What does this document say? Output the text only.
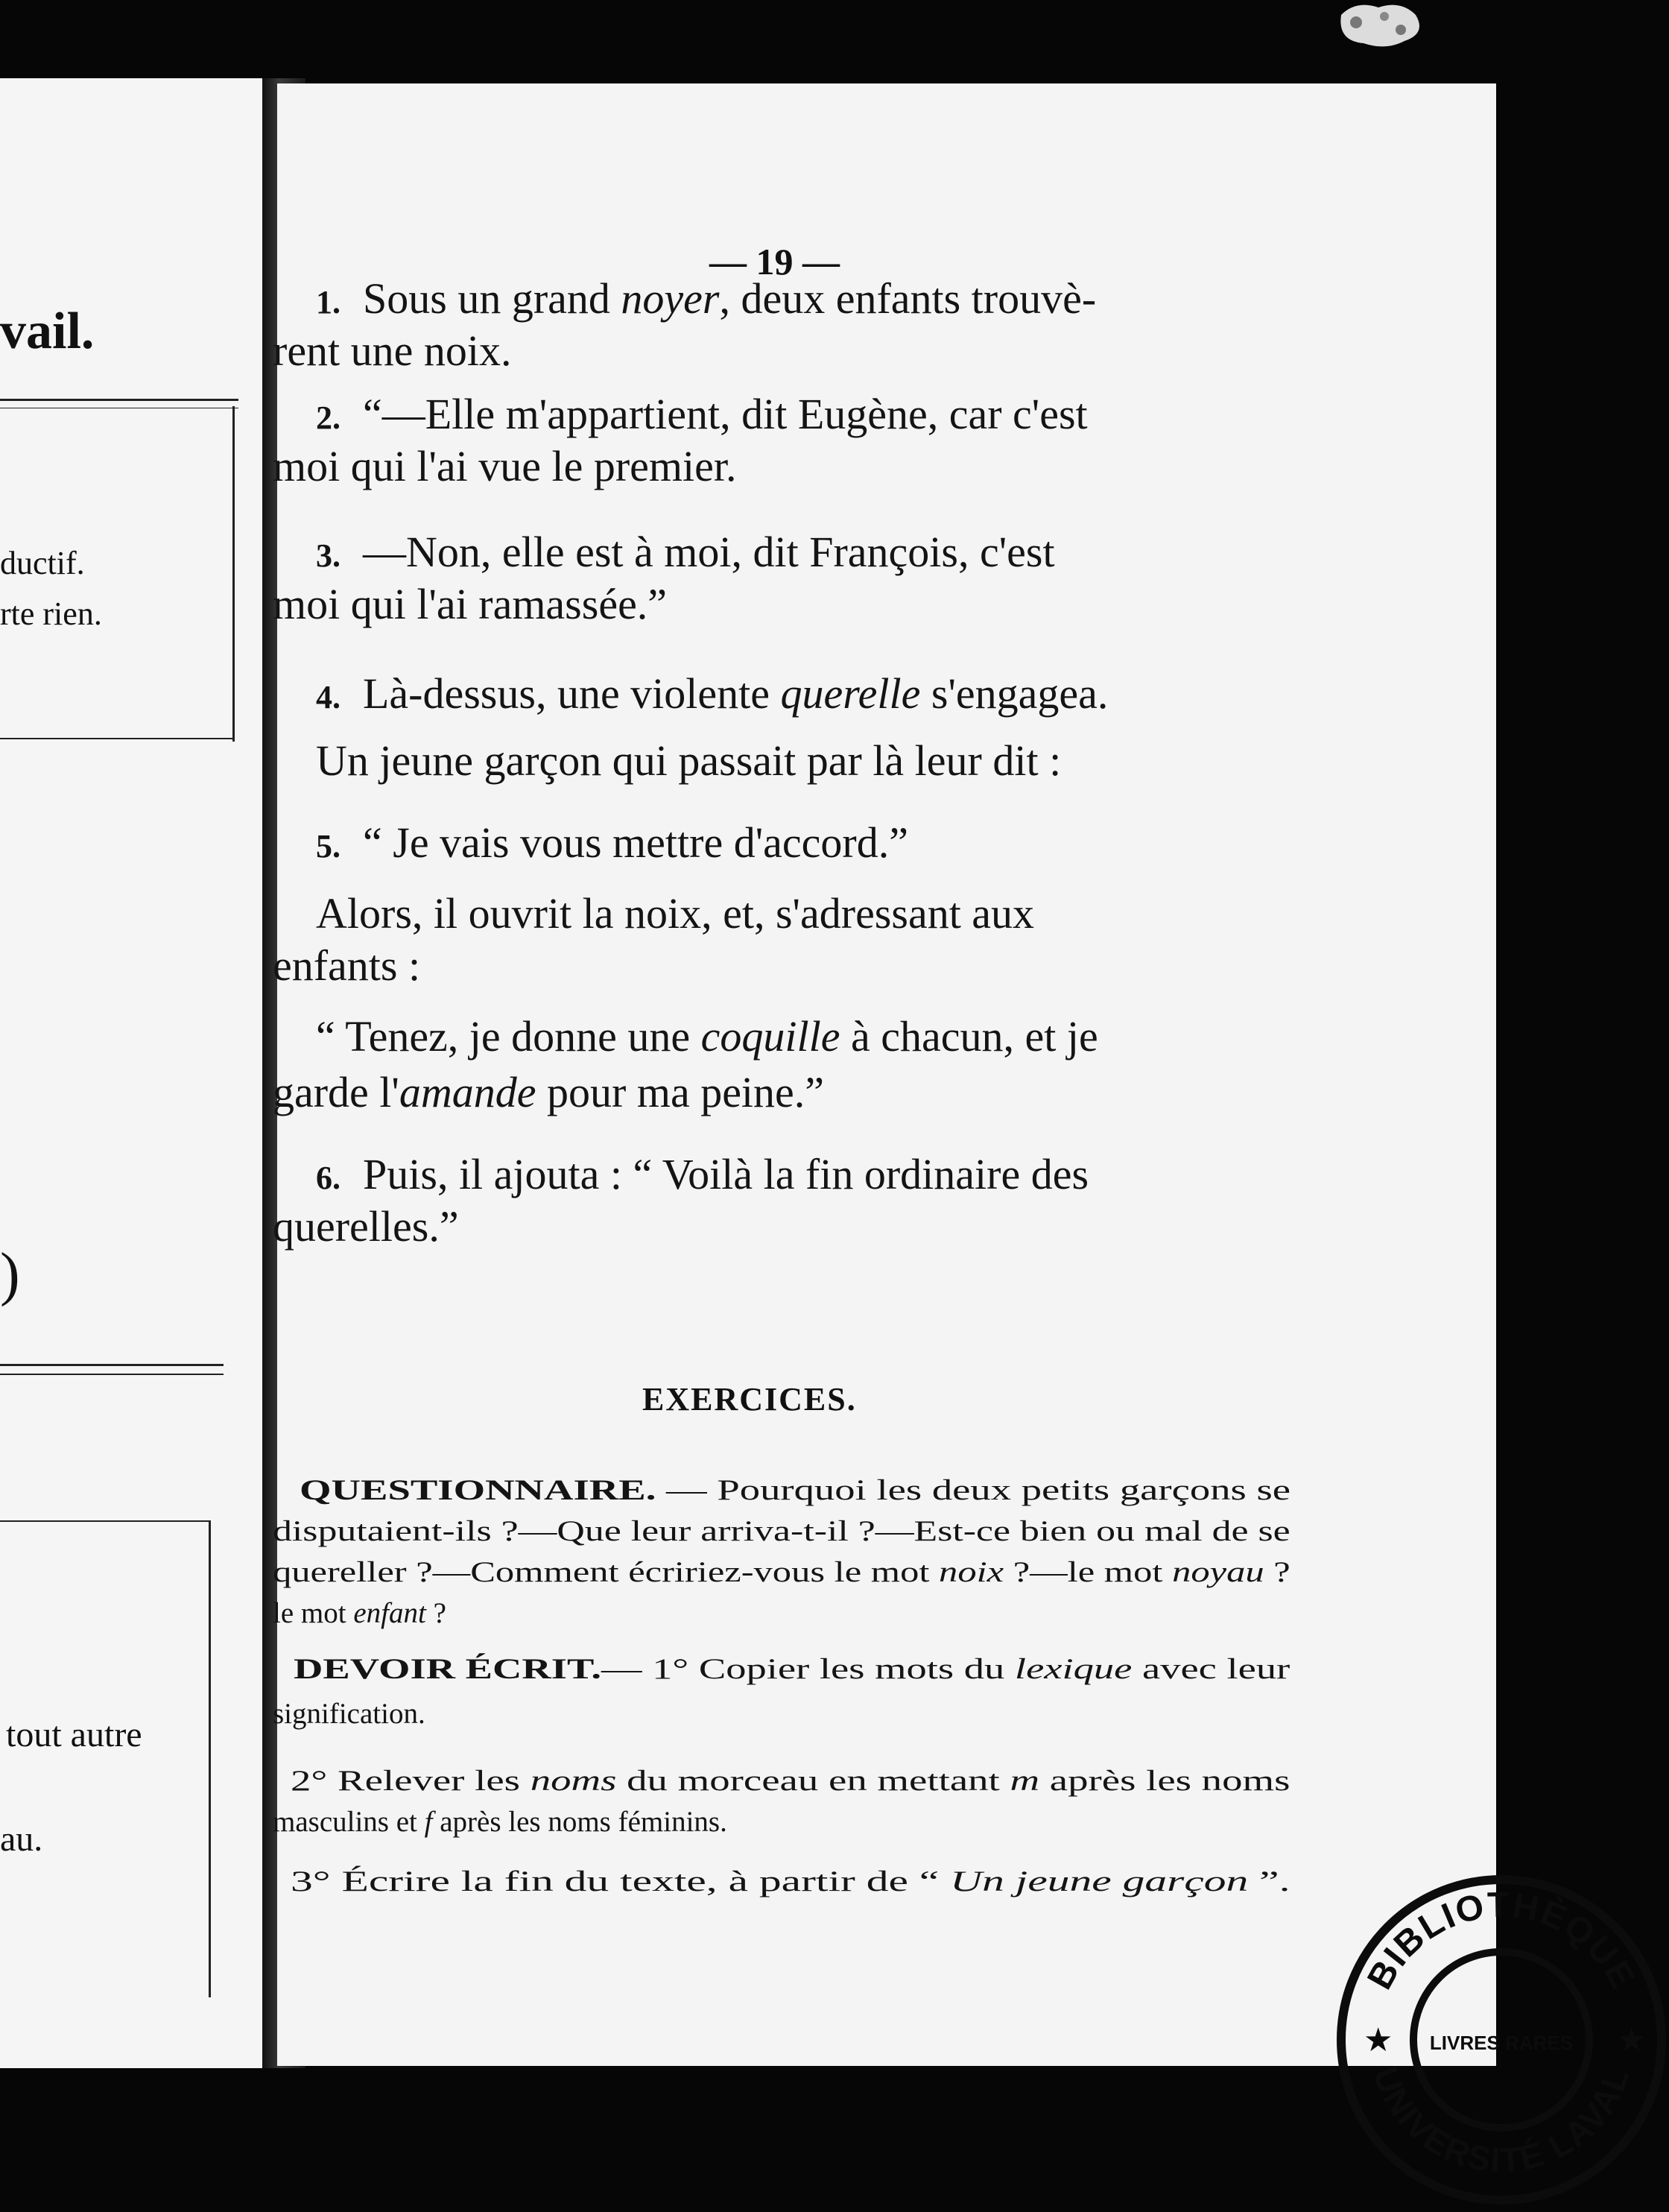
vail.
ductif.
rte rien.
)
tout autre
au.
— 19 —
1. Sous un grand noyer, deux enfants trouvè-
rent une noix.
2. “—Elle m'appartient, dit Eugène, car c'est
moi qui l'ai vue le premier.
3. —Non, elle est à moi, dit François, c'est
moi qui l'ai ramassée.”
4. Là-dessus, une violente querelle s'engagea.
Un jeune garçon qui passait par là leur dit :
5. “ Je vais vous mettre d'accord.”
Alors, il ouvrit la noix, et, s'adressant aux
enfants :
“ Tenez, je donne une coquille à chacun, et je
garde l'amande pour ma peine.”
6. Puis, il ajouta : “ Voilà la fin ordinaire des
querelles.”
EXERCICES.
QUESTIONNAIRE. — Pourquoi les deux petits garçons se
disputaient-ils ?—Que leur arriva-t-il ?—Est-ce bien ou mal de se
quereller ?—Comment écririez-vous le mot noix ?—le mot noyau ?
le mot enfant ?
DEVOIR ÉCRIT.— 1° Copier les mots du lexique avec leur
signification.
2° Relever les noms du morceau en mettant m après les noms
masculins et f après les noms féminins.
3° Écrire la fin du texte, à partir de “ Un jeune garçon ”.
BIBLIOTHÈQUE
UNIVERSITÉ LAVAL
LIVRES RARES
★	★
